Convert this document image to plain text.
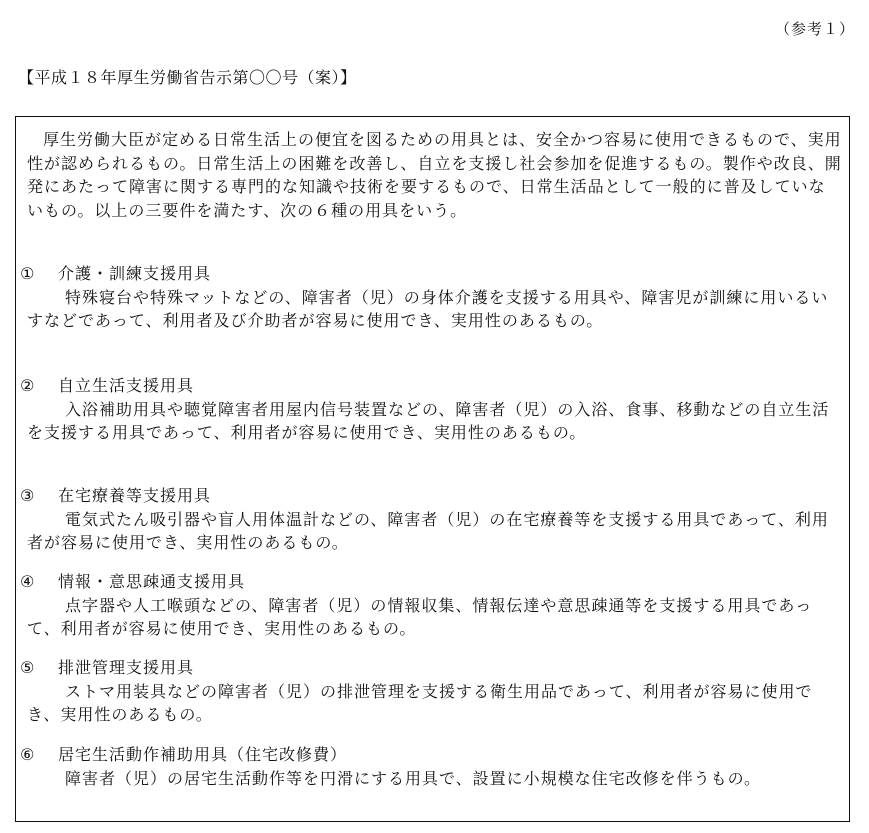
（参考１）
【平成１８年厚生労働省告示第〇〇号（案）】

厚生労働大臣が定める日常生活上の便宜を図るための用具とは、安全かつ容易に使用できるもので、実用性が認められるもの。日常生活上の困難を改善し、自立を支援し社会参加を促進するもの。製作や改良、開発にあたって障害に関する専門的な知識や技術を要するもので、日常生活品として一般的に普及していないもの。以上の三要件を満たす、次の６種の用具をいう。

① 介護・訓練支援用具

特殊寝台や特殊マットなどの、障害者（児）の身体介護を支援する用具や、障害児が訓練に用いるいすなどであって、利用者及び介助者が容易に使用でき、実用性のあるもの。

② 自立生活支援用具

入浴補助用具や聴覚障害者用屋内信号装置などの、障害者（児）の入浴、食事、移動などの自立生活を支援する用具であって、利用者が容易に使用でき、実用性のあるもの。

③ 在宅療養等支援用具

電気式たん吸引器や盲人用体温計などの、障害者（児）の在宅療養等を支援する用具であって、利用者が容易に使用でき、実用性のあるもの。

④ 情報・意思疎通支援用具

点字器や人工喉頭などの、障害者（児）の情報収集、情報伝達や意思疎通等を支援する用具であって、利用者が容易に使用でき、実用性のあるもの。

⑤ 排泄管理支援用具

ストマ用装具などの障害者（児）の排泄管理を支援する衛生用品であって、利用者が容易に使用でき、実用性のあるもの。

⑥ 居宅生活動作補助用具（住宅改修費）

障害者（児）の居宅生活動作等を円滑にする用具で、設置に小規模な住宅改修を伴うもの。
